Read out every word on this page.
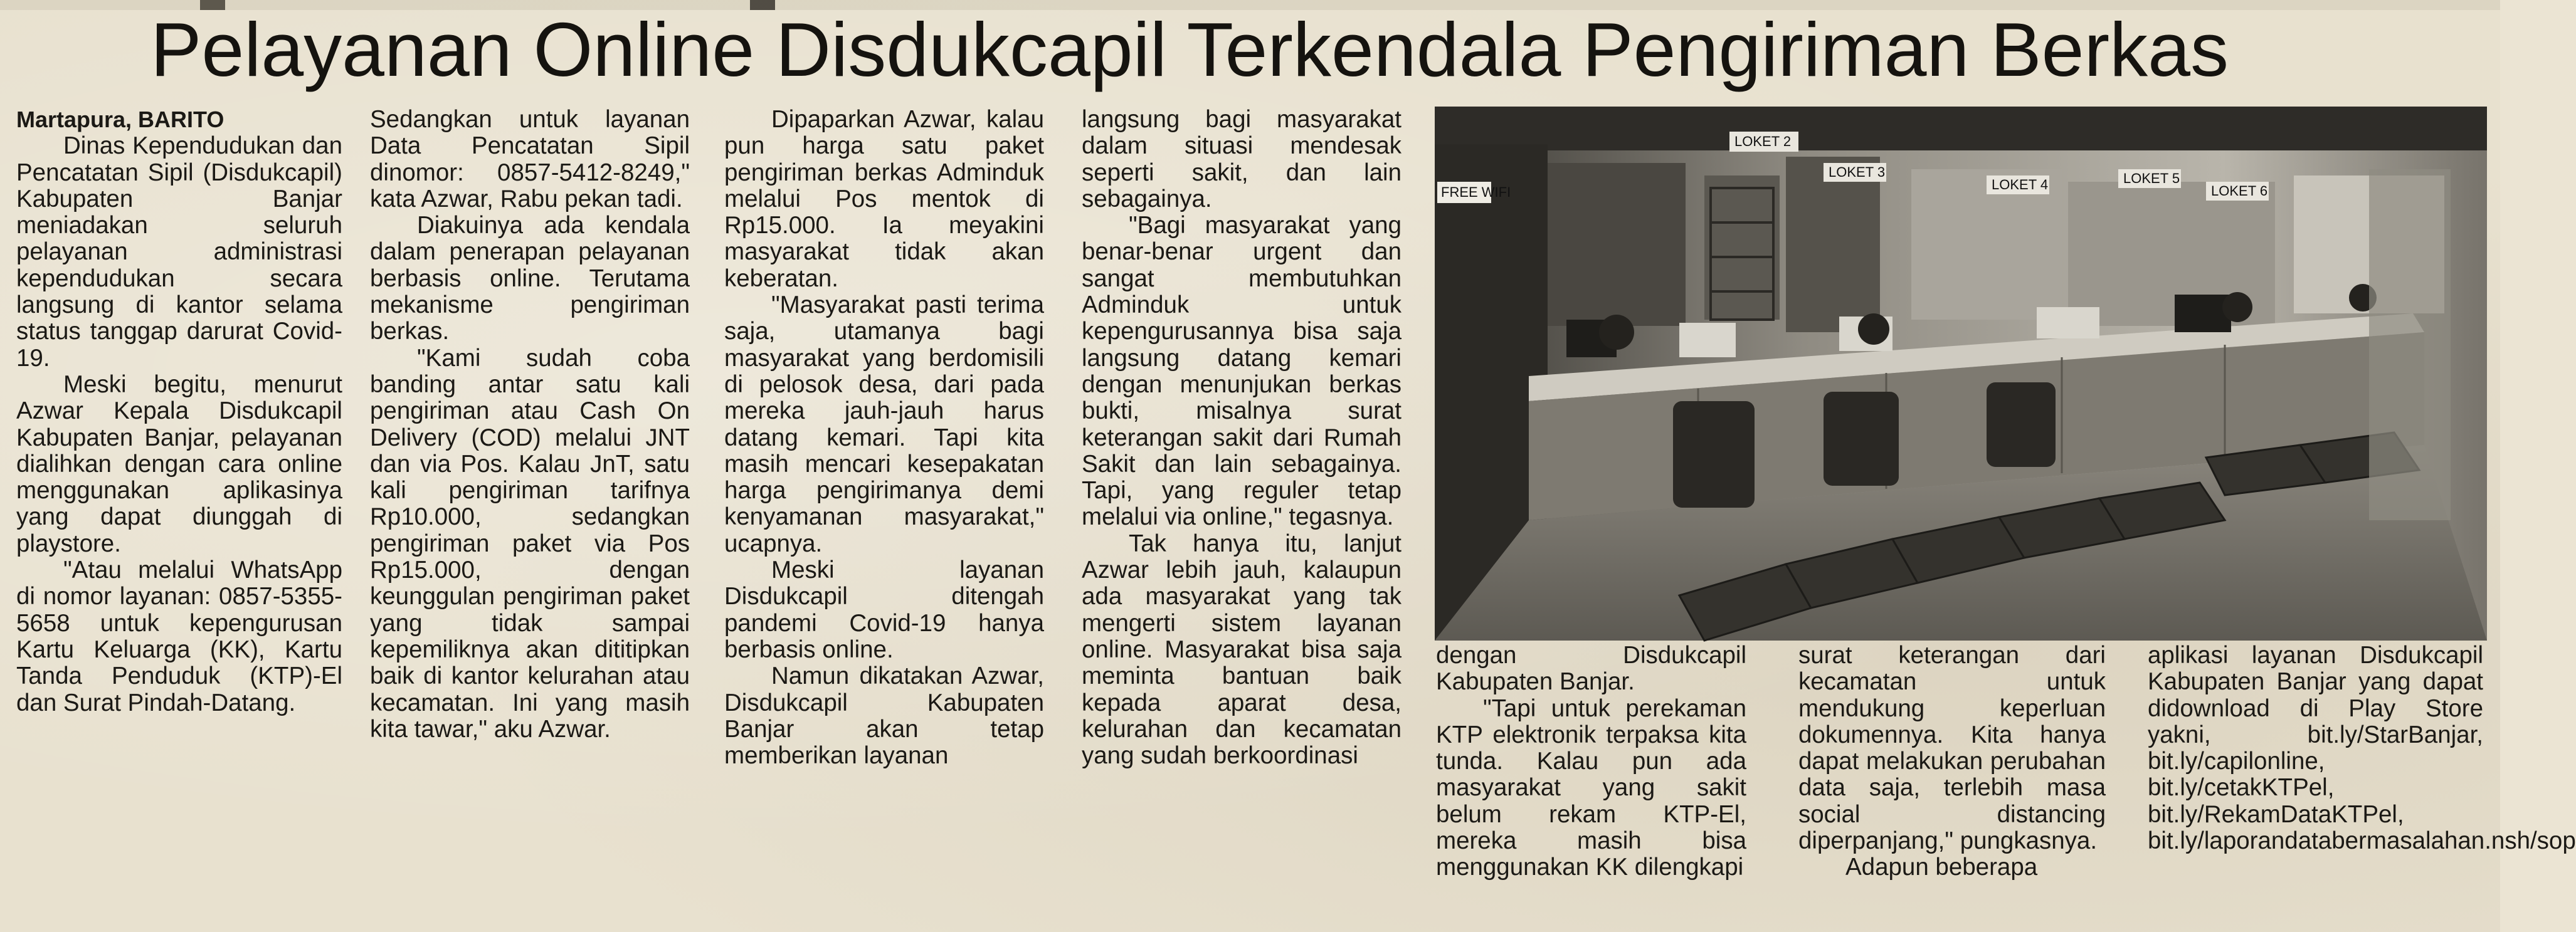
Pelayanan Online Disdukcapil Terkendala Pengiriman Berkas
Martapura, BARITO

Dinas Kependudukan dan Pencatatan Sipil (Disdukcapil) Kabupaten Banjar meniadakan seluruh pelayanan administrasi kependudukan secara langsung di kantor selama status tanggap darurat Covid-19.

Meski begitu, menurut Azwar Kepala Disdukcapil Kabupaten Banjar, pelayanan dialihkan dengan cara online menggunakan aplikasinya yang dapat diunggah di playstore.

"Atau melalui WhatsApp di nomor layanan: 0857-5355-5658 untuk kepengurusan Kartu Keluarga (KK), Kartu Tanda Penduduk (KTP)-El dan Surat Pindah-Datang.

Sedangkan untuk layanan Data Pencatatan Sipil dinomor: 0857-5412-8249," kata Azwar, Rabu pekan tadi.

Diakuinya ada kendala dalam penerapan pelayanan berbasis online. Terutama mekanisme pengiriman berkas.

"Kami sudah coba banding antar satu kali pengiriman atau Cash On Delivery (COD) melalui JNT dan via Pos. Kalau JnT, satu kali pengiriman tarifnya Rp10.000, sedangkan pengiriman paket via Pos Rp15.000, dengan keunggulan pengiriman paket yang tidak sampai kepemiliknya akan dititipkan baik di kantor kelurahan atau kecamatan. Ini yang masih kita tawar," aku Azwar.

Dipaparkan Azwar, kalau pun harga satu paket pengiriman berkas Adminduk melalui Pos mentok di Rp15.000. Ia meyakini masyarakat tidak akan keberatan.

"Masyarakat pasti terima saja, utamanya bagi masyarakat yang berdomisili di pelosok desa, dari pada mereka jauh-jauh harus datang kemari. Tapi kita masih mencari kesepakatan harga pengirimanya demi kenyamanan masyarakat," ucapnya.

Meski layanan Disdukcapil ditengah pandemi Covid-19 hanya berbasis online.

Namun dikatakan Azwar, Disdukcapil Kabupaten Banjar akan tetap memberikan layanan

langsung bagi masyarakat dalam situasi mendesak seperti sakit, dan lain sebagainya.

"Bagi masyarakat yang benar-benar urgent dan sangat membutuhkan Adminduk untuk kepengurusannya bisa saja langsung datang kemari dengan menunjukan berkas bukti, misalnya surat keterangan sakit dari Rumah Sakit dan lain sebagainya. Tapi, yang reguler tetap melalui via online," tegasnya.

Tak hanya itu, lanjut Azwar lebih jauh, kalaupun ada masyarakat yang tak mengerti sistem layanan online. Masyarakat bisa saja meminta bantuan baik kepada aparat desa, kelurahan dan kecamatan yang sudah berkoordinasi

FREE WIFI
LOKET 2
LOKET 3
LOKET 4	LOKET 5
LOKET 6

dengan Disdukcapil Kabupaten Banjar.

"Tapi untuk perekaman KTP elektronik terpaksa kita tunda. Kalau pun ada masyarakat yang sakit belum rekam KTP-El, mereka masih bisa menggunakan KK dilengkapi

surat keterangan dari kecamatan untuk mendukung keperluan dokumennya. Kita hanya dapat melakukan perubahan data saja, terlebih masa social distancing diperpanjang," pungkasnya.

Adapun beberapa

aplikasi layanan Disdukcapil Kabupaten Banjar yang dapat didownload di Play Store yakni, bit.ly/StarBanjar, bit.ly/capilonline, bit.ly/cetakKTPel, bit.ly/RekamDataKTPel, bit.ly/laporandatabermasalahan.nsh/sop
